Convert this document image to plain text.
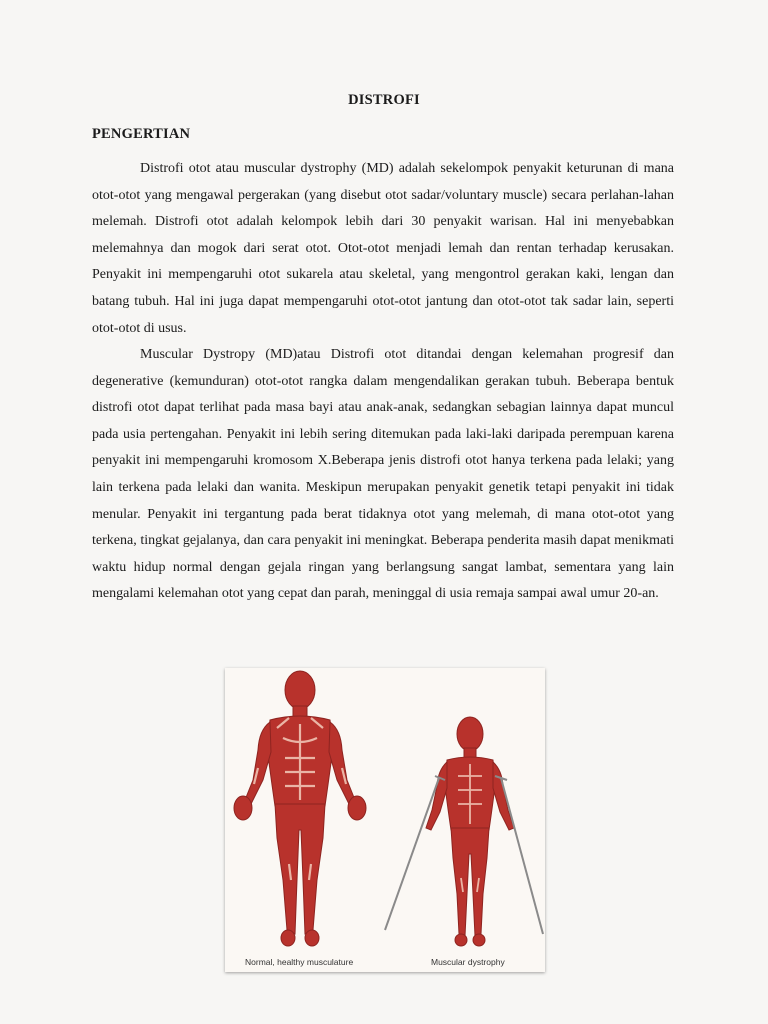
DISTROFI
PENGERTIAN

Distrofi otot atau muscular dystrophy (MD) adalah sekelompok penyakit keturunan di mana otot-otot yang mengawal pergerakan (yang disebut otot sadar/voluntary muscle) secara perlahan-lahan melemah. Distrofi otot adalah kelompok lebih dari 30 penyakit warisan. Hal ini menyebabkan melemahnya dan mogok dari serat otot. Otot-otot menjadi lemah dan rentan terhadap kerusakan. Penyakit ini mempengaruhi otot sukarela atau skeletal, yang mengontrol gerakan kaki, lengan dan batang tubuh. Hal ini juga dapat mempengaruhi otot-otot jantung dan otot-otot tak sadar lain, seperti otot-otot di usus.

Muscular Dystropy (MD)atau Distrofi otot ditandai dengan kelemahan progresif dan degenerative (kemunduran) otot-otot rangka dalam mengendalikan gerakan tubuh. Beberapa bentuk distrofi otot dapat terlihat pada masa bayi atau anak-anak, sedangkan sebagian lainnya dapat muncul pada usia pertengahan. Penyakit ini lebih sering ditemukan pada laki-laki daripada perempuan karena penyakit ini mempengaruhi kromosom X.Beberapa jenis distrofi otot hanya terkena pada lelaki; yang lain terkena pada lelaki dan wanita. Meskipun merupakan penyakit genetik tetapi penyakit ini tidak menular. Penyakit ini tergantung pada berat tidaknya otot yang melemah, di mana otot-otot yang terkena, tingkat gejalanya, dan cara penyakit ini meningkat. Beberapa penderita masih dapat menikmati waktu hidup normal dengan gejala ringan yang berlangsung sangat lambat, sementara yang lain mengalami kelemahan otot yang cepat dan parah, meninggal di usia remaja sampai awal umur 20-an.

Normal, healthy musculature	Muscular dystrophy
